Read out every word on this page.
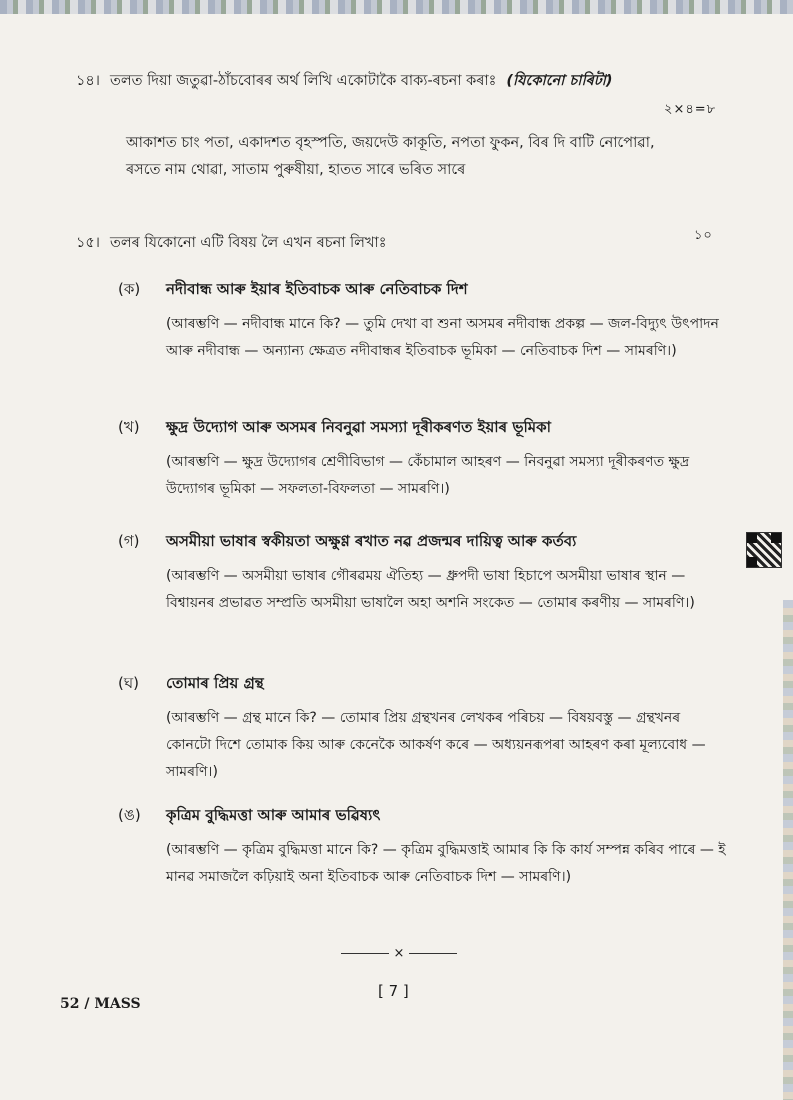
১৪। তলত দিয়া জতুৱা-ঠাঁচবোৰৰ অৰ্থ লিখি একোটাকৈ বাক্য-ৰচনা কৰাঃ (যিকোনো চাৰিটা)
২×৪=৮
আকাশত চাং পতা, একাদশত বৃহস্পতি, জয়দেউ কাকূতি, নপতা ফুকন, বিৰ দি বাটি নোপোৱা,
ৰসতে নাম থোৱা, সাতাম পুৰুষীয়া, হাতত সাৰে ভৰিত সাৰে
১৫। তলৰ যিকোনো এটি বিষয় লৈ এখন ৰচনা লিখাঃ	১০
(ক)	নদীবান্ধ আৰু ইয়াৰ ইতিবাচক আৰু নেতিবাচক দিশ
(আৰম্ভণি — নদীবান্ধ মানে কি? — তুমি দেখা বা শুনা অসমৰ নদীবান্ধ প্ৰকল্প — জল-বিদ্যুৎ উৎপাদন আৰু নদীবান্ধ — অন্যান্য ক্ষেত্ৰত নদীবান্ধৰ ইতিবাচক ভূমিকা — নেতিবাচক দিশ — সামৰণি।)
(খ)	ক্ষুদ্ৰ উদ্যোগ আৰু অসমৰ নিবনুৱা সমস্যা দূৰীকৰণত ইয়াৰ ভূমিকা
(আৰম্ভণি — ক্ষুদ্ৰ উদ্যোগৰ শ্ৰেণীবিভাগ — কেঁচামাল আহৰণ — নিবনুৱা সমস্যা দূৰীকৰণত ক্ষুদ্ৰ উদ্যোগৰ ভূমিকা — সফলতা-বিফলতা — সামৰণি।)
(গ)	অসমীয়া ভাষাৰ স্বকীয়তা অক্ষুণ্ণ ৰখাত নৱ প্ৰজন্মৰ দায়িত্ব আৰু কৰ্তব্য
(আৰম্ভণি — অসমীয়া ভাষাৰ গৌৰৱময় ঐতিহ্য — ধ্ৰুপদী ভাষা হিচাপে অসমীয়া ভাষাৰ স্থান — বিশ্বায়নৰ প্ৰভাৱত সম্প্ৰতি অসমীয়া ভাষালৈ অহা অশনি সংকেত — তোমাৰ কৰণীয় — সামৰণি।)
(ঘ)	তোমাৰ প্ৰিয় গ্ৰন্থ
(আৰম্ভণি — গ্ৰন্থ মানে কি? — তোমাৰ প্ৰিয় গ্ৰন্থখনৰ লেখকৰ পৰিচয় — বিষয়বস্তু — গ্ৰন্থখনৰ কোনটো দিশে তোমাক কিয় আৰু কেনেকৈ আকৰ্ষণ কৰে — অধ্যয়নৰূপৰা আহৰণ কৰা মূল্যবোধ — সামৰণি।)
(ঙ)	কৃত্ৰিম বুদ্ধিমত্তা আৰু আমাৰ ভৱিষ্যৎ
(আৰম্ভণি — কৃত্ৰিম বুদ্ধিমত্তা মানে কি? — কৃত্ৰিম বুদ্ধিমত্তাই আমাৰ কি কি কাৰ্য সম্পন্ন কৰিব পাৰে — ই মানৱ সমাজলৈ কঢ়িয়াই অনা ইতিবাচক আৰু নেতিবাচক দিশ — সামৰণি।)
×
[ 7 ]
52 / MASS
